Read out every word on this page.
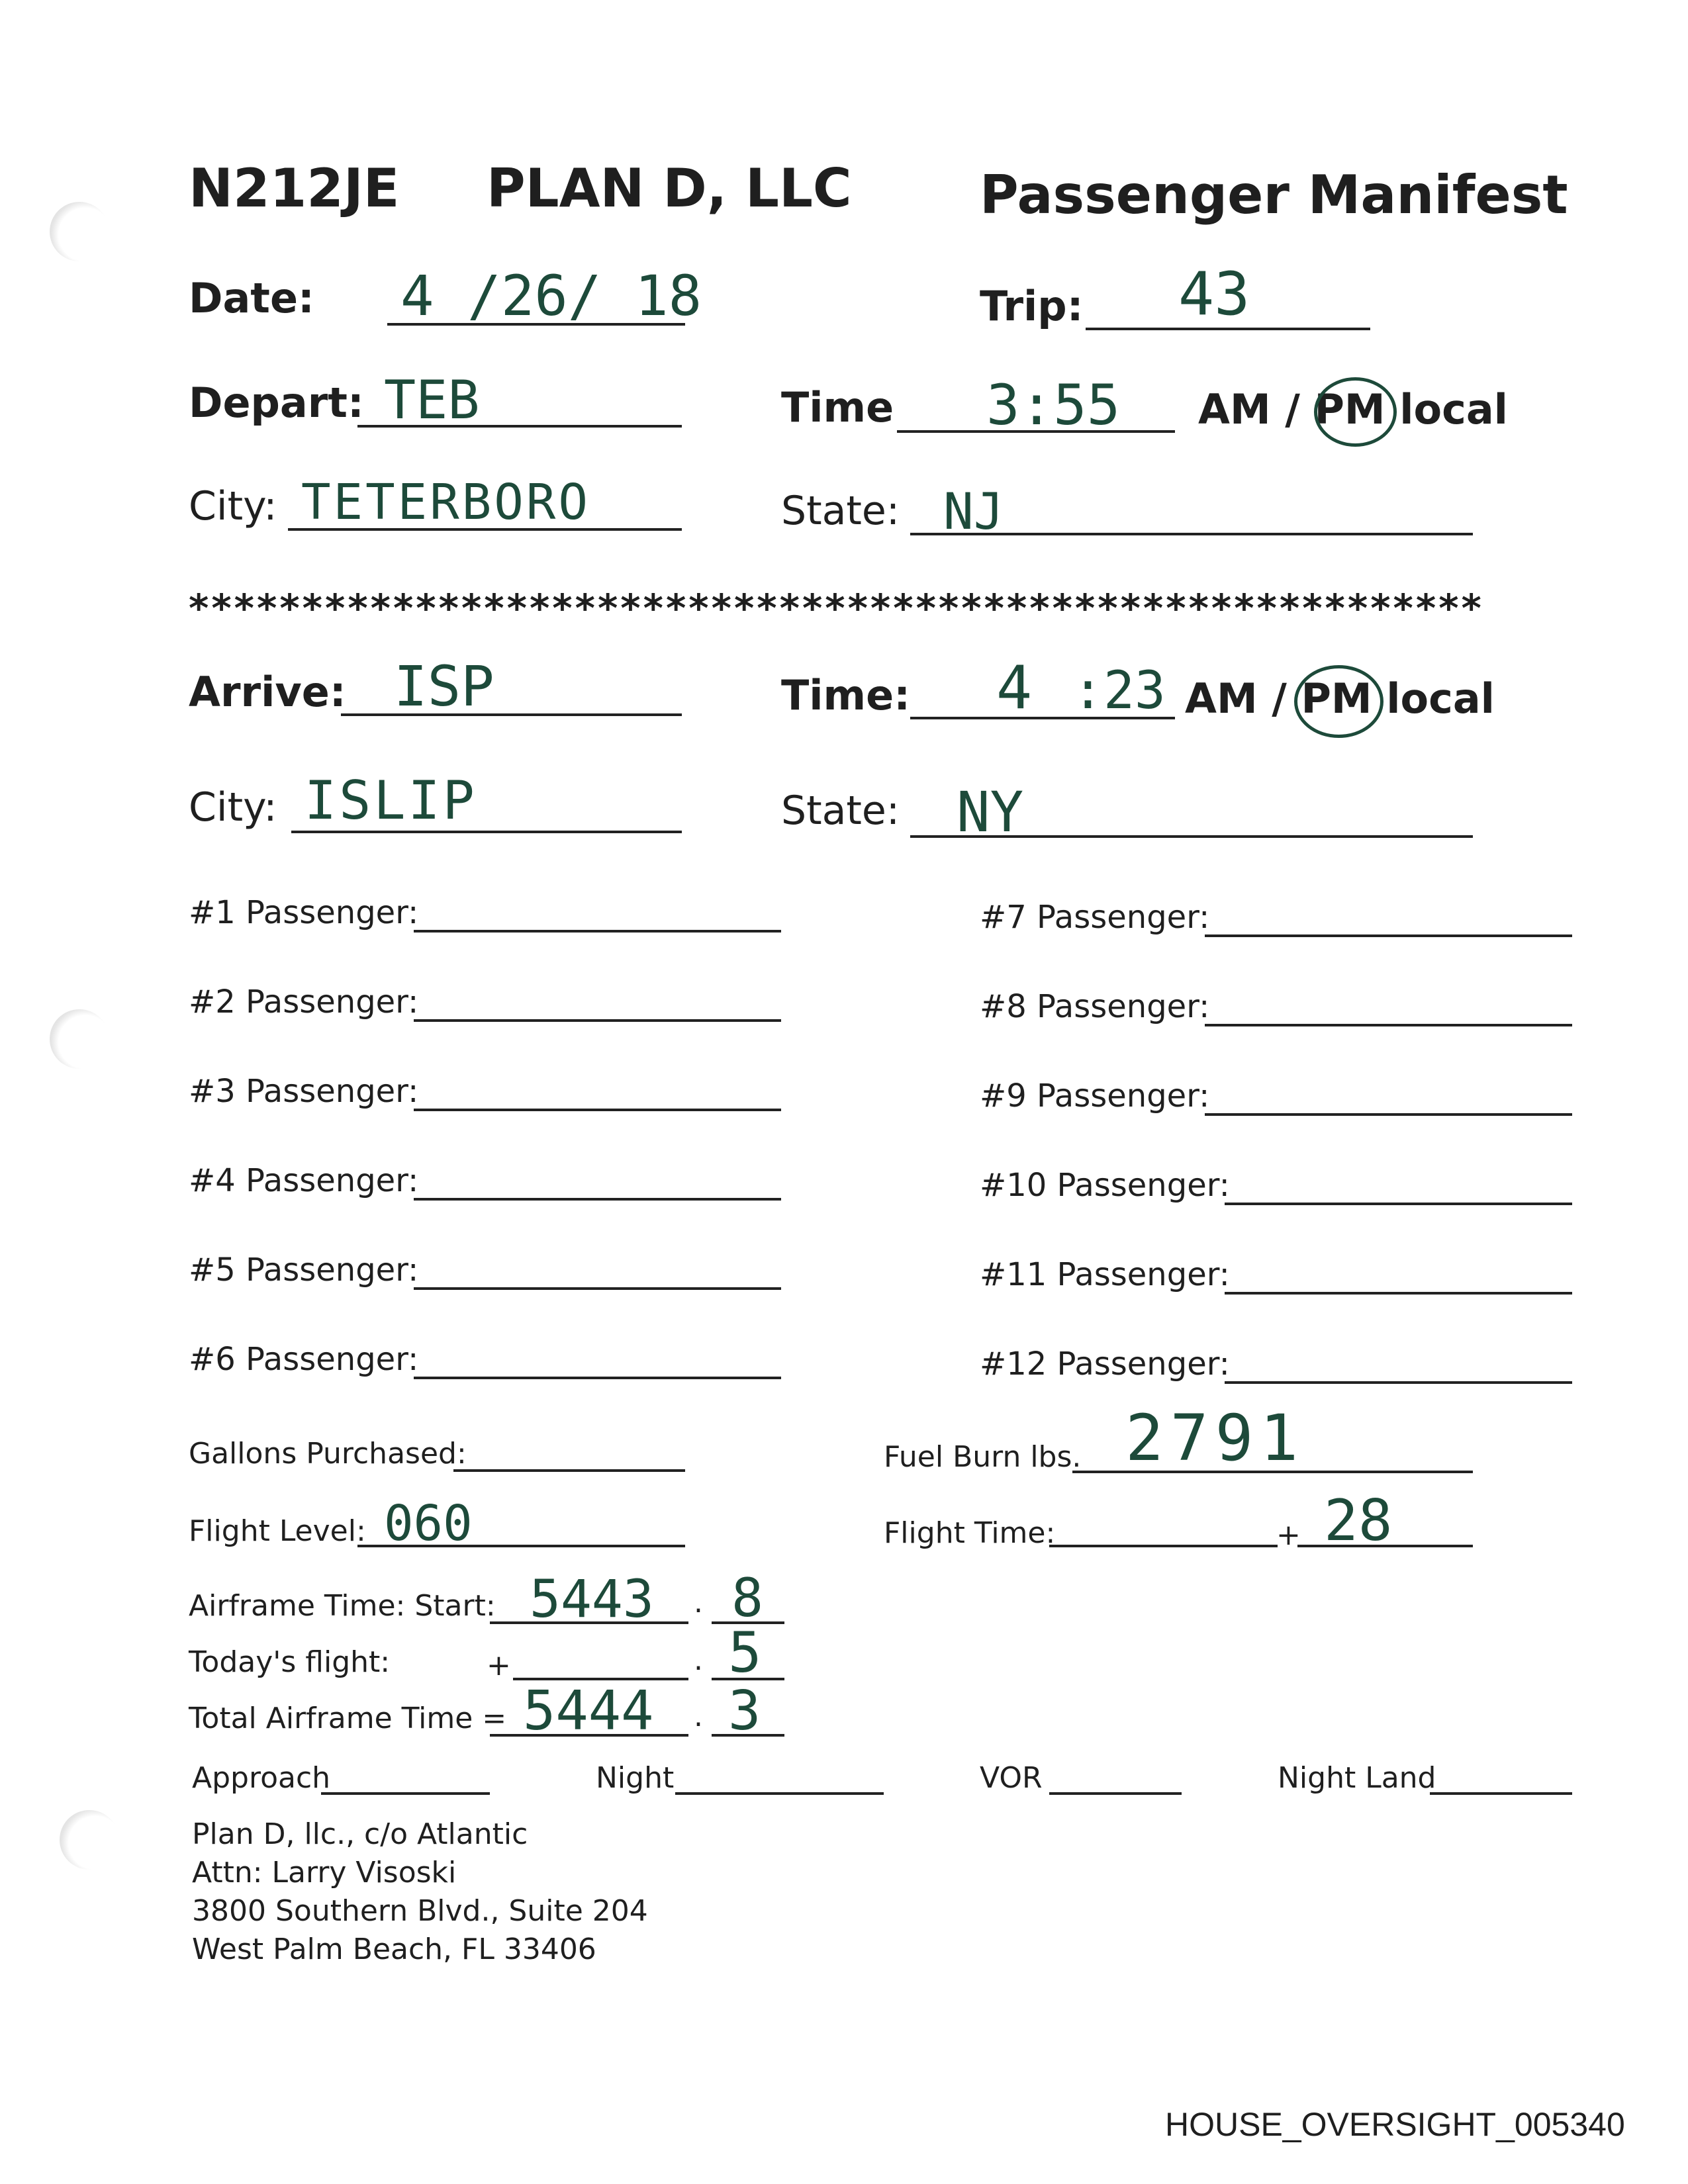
N212JE PLAN D, LLC Passenger Manifest
Date: 4 /26/ 18	Trip: 43
Depart: TEB	Time 3:55 AM / PM local
City: TETERBORO	State: NJ
*********************************************************
Arrive: ISP	Time: 4 :23 AM / PM local
City: ISLIP	State: NY
#1 Passenger:
#2 Passenger:
#3 Passenger:
#4 Passenger:
#5 Passenger:
#6 Passenger:
#7 Passenger:
#8 Passenger:
#9 Passenger:
#10 Passenger:
#11 Passenger:
#12 Passenger:
Gallons Purchased:	Fuel Burn lbs. 2791
Flight Level: 060	Flight Time:	+ 28
Airframe Time: Start: 5443 . 8
Today's flight:	+	. 5
Total Airframe Time = 5444 . 3
Approach	Night	VOR	Night Land
Plan D, llc., c/o Atlantic
Attn: Larry Visoski
3800 Southern Blvd., Suite 204
West Palm Beach, FL 33406
HOUSE_OVERSIGHT_005340
